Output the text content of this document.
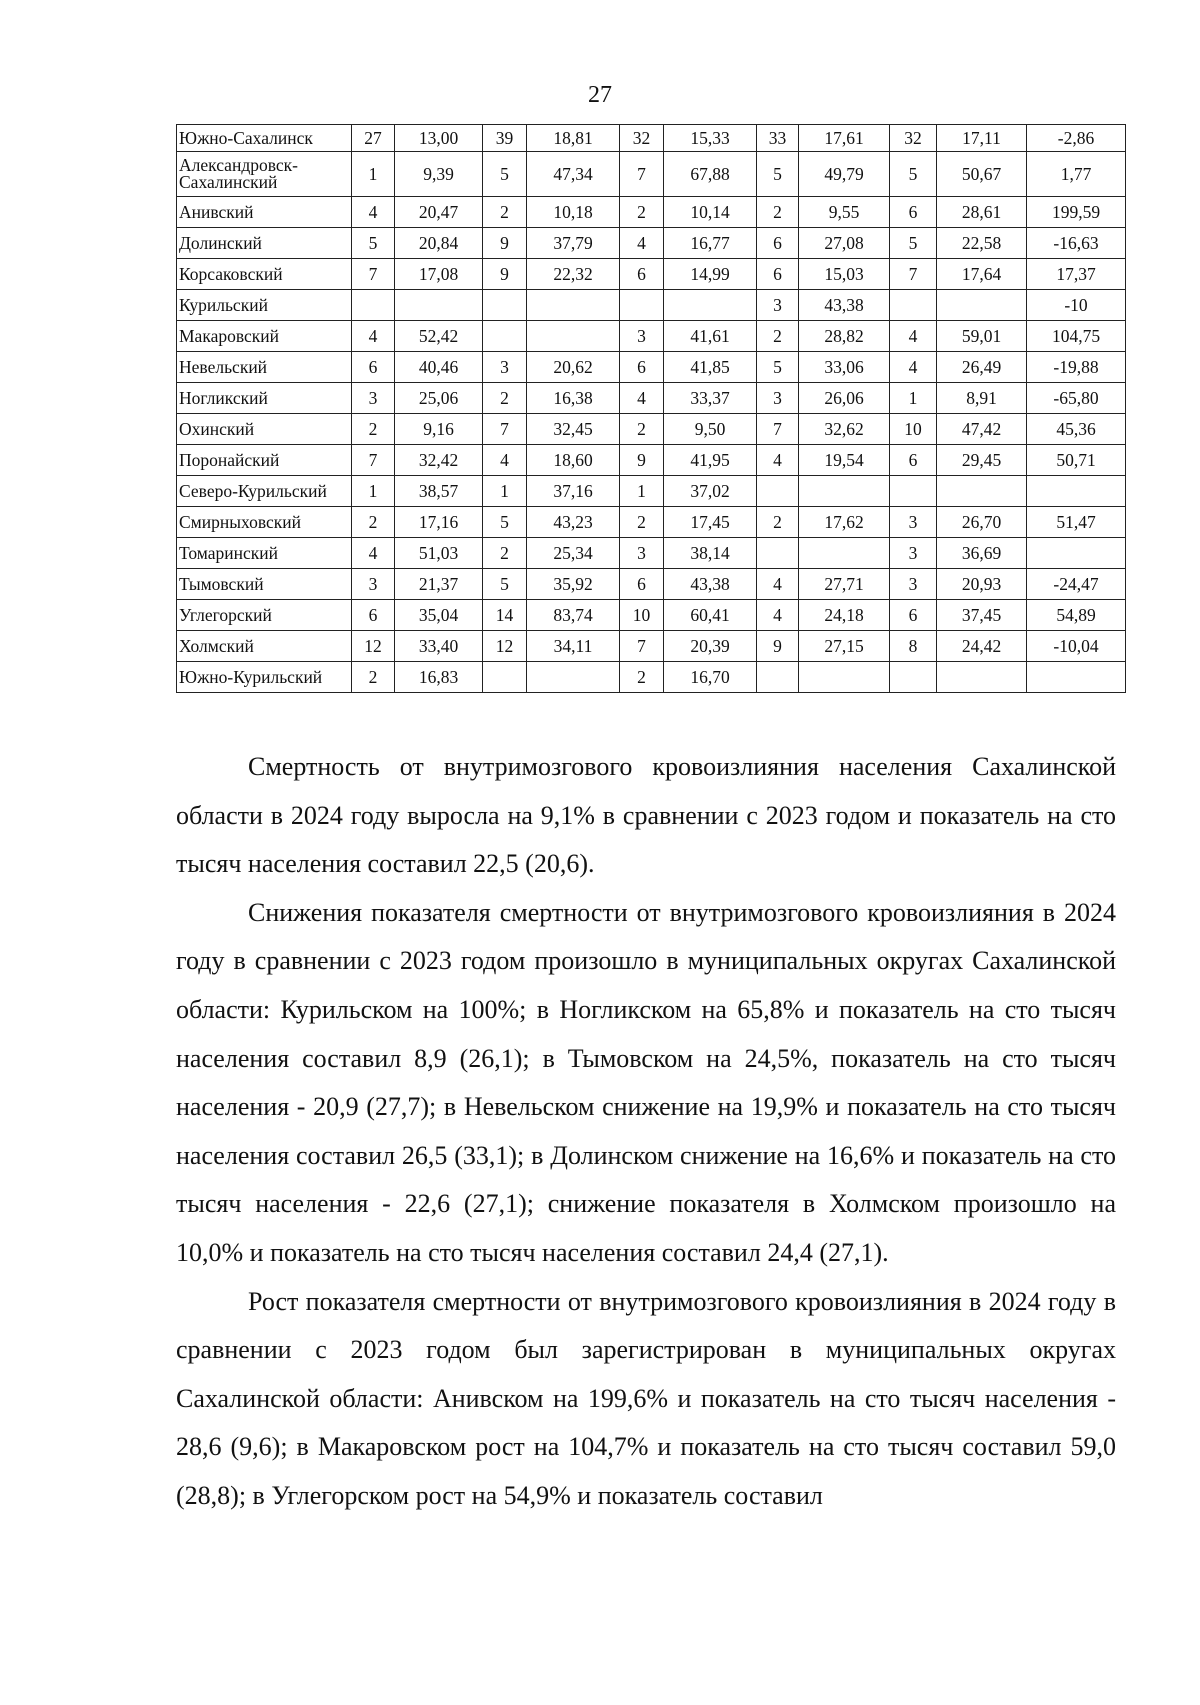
27
Южно-Сахалинск	27	13,00	39	18,81	32	15,33	33	17,61	32	17,11	-2,86
Александровск-Сахалинский	1	9,39	5	47,34	7	67,88	5	49,79	5	50,67	1,77
Анивский	4	20,47	2	10,18	2	10,14	2	9,55	6	28,61	199,59
Долинский	5	20,84	9	37,79	4	16,77	6	27,08	5	22,58	-16,63
Корсаковский	7	17,08	9	22,32	6	14,99	6	15,03	7	17,64	17,37
Курильский							3	43,38			-10
Макаровский	4	52,42			3	41,61	2	28,82	4	59,01	104,75
Невельский	6	40,46	3	20,62	6	41,85	5	33,06	4	26,49	-19,88
Ногликский	3	25,06	2	16,38	4	33,37	3	26,06	1	8,91	-65,80
Охинский	2	9,16	7	32,45	2	9,50	7	32,62	10	47,42	45,36
Поронайский	7	32,42	4	18,60	9	41,95	4	19,54	6	29,45	50,71
Северо-Курильский	1	38,57	1	37,16	1	37,02					
Смирныховский	2	17,16	5	43,23	2	17,45	2	17,62	3	26,70	51,47
Томаринский	4	51,03	2	25,34	3	38,14			3	36,69	
Тымовский	3	21,37	5	35,92	6	43,38	4	27,71	3	20,93	-24,47
Углегорский	6	35,04	14	83,74	10	60,41	4	24,18	6	37,45	54,89
Холмский	12	33,40	12	34,11	7	20,39	9	27,15	8	24,42	-10,04
Южно-Курильский	2	16,83			2	16,70					

Смертность от внутримозгового кровоизлияния населения Сахалинской области в 2024 году выросла на 9,1% в сравнении с 2023 годом и показатель на сто тысяч населения составил 22,5 (20,6).

Снижения показателя смертности от внутримозгового кровоизлияния в 2024 году в сравнении с 2023 годом произошло в муниципальных округах Сахалинской области: Курильском на 100%; в Ногликском на 65,8% и показатель на сто тысяч населения составил 8,9 (26,1); в Тымовском на 24,5%, показатель на сто тысяч населения - 20,9 (27,7); в Невельском снижение на 19,9% и показатель на сто тысяч населения составил 26,5 (33,1); в Долинском снижение на 16,6% и показатель на сто тысяч населения - 22,6 (27,1); снижение показателя в Холмском произошло на 10,0% и показатель на сто тысяч населения составил 24,4 (27,1).

Рост показателя смертности от внутримозгового кровоизлияния в 2024 году в сравнении с 2023 годом был зарегистрирован в муниципальных округах Сахалинской области: Анивском на 199,6% и показатель на сто тысяч населения - 28,6 (9,6); в Макаровском рост на 104,7% и показатель на сто тысяч составил 59,0 (28,8); в Углегорском рост на 54,9% и показатель составил
